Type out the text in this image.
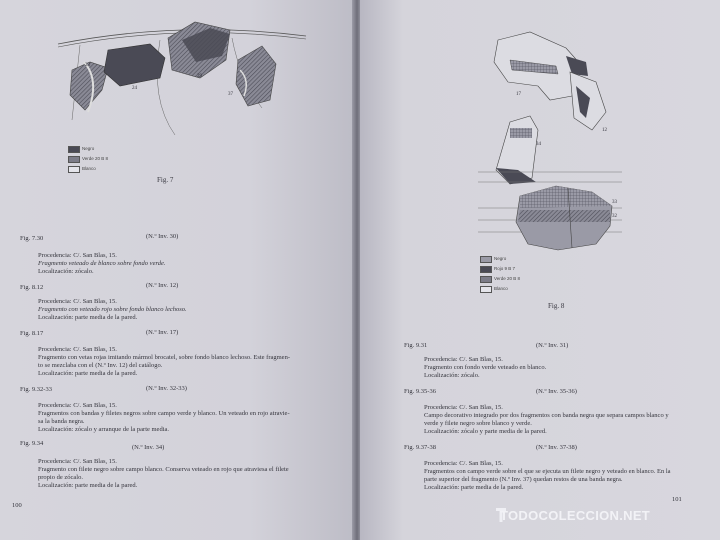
23
24
29
37
Negro
Verde 20 B 8
Blanco
Fig. 7
Fig. 7.30	(N.º Inv. 30)
Procedencia: C/. San Blas, 15.
Fragmento veteado de blanco sobre fondo verde.
Localización: zócalo.
Fig. 8.12	(N.º Inv. 12)
Procedencia: C/. San Blas, 15.
Fragmento con veteado rojo sobre fondo blanco lechoso.
Localización: parte media de la pared.
Fig. 8.17	(N.º Inv. 17)
Procedencia: C/. San Blas, 15.
Fragmento con vetas rojas imitando mármol brocatel, sobre fondo blanco lechoso. Este fragmen-
to se mezclaba con el (N.º Inv. 12) del catálogo.
Localización: parte media de la pared.
Fig. 9.32-33	(N.º Inv. 32-33)
Procedencia: C/. San Blas, 15.
Fragmentos con bandas y filetes negros sobre campo verde y blanco. Un veteado en rojo atravie-
sa la banda negra.
Localización: zócalo y arranque de la parte media.
Fig. 9.34
(N.º Inv. 34)
Procedencia: C/. San Blas, 15.
Fragmento con filete negro sobre campo blanco. Conserva veteado en rojo que atraviesa el filete
propio de zócalo.
Localización: parte media de la pared.
100
17
12
34
33
32
Negro
Rojo 9 B 7
Verde 20 B 8
Blanco
Fig. 8
Fig. 9.31	(N.º Inv. 31)
Procedencia: C/. San Blas, 15.
Fragmento con fondo verde veteado en blanco.
Localización: zócalo.
Fig. 9.35-36	(N.º Inv. 35-36)
Procedencia: C/. San Blas, 15.
Campo decorativo integrado por dos fragmentos con banda negra que separa campos blanco y
verde y filete negro sobre blanco y verde.
Localización: zócalo y parte media de la pared.
Fig. 9.37-38	(N.º Inv. 37-38)
Procedencia: C/. San Blas, 15.
Fragmentos con campo verde sobre el que se ejecuta un filete negro y veteado en blanco. En la
parte superior del fragmento (N.º Inv. 37) quedan restos de una banda negra.
Localización: parte media de la pared.
101
TODOCOLECCION.NET
